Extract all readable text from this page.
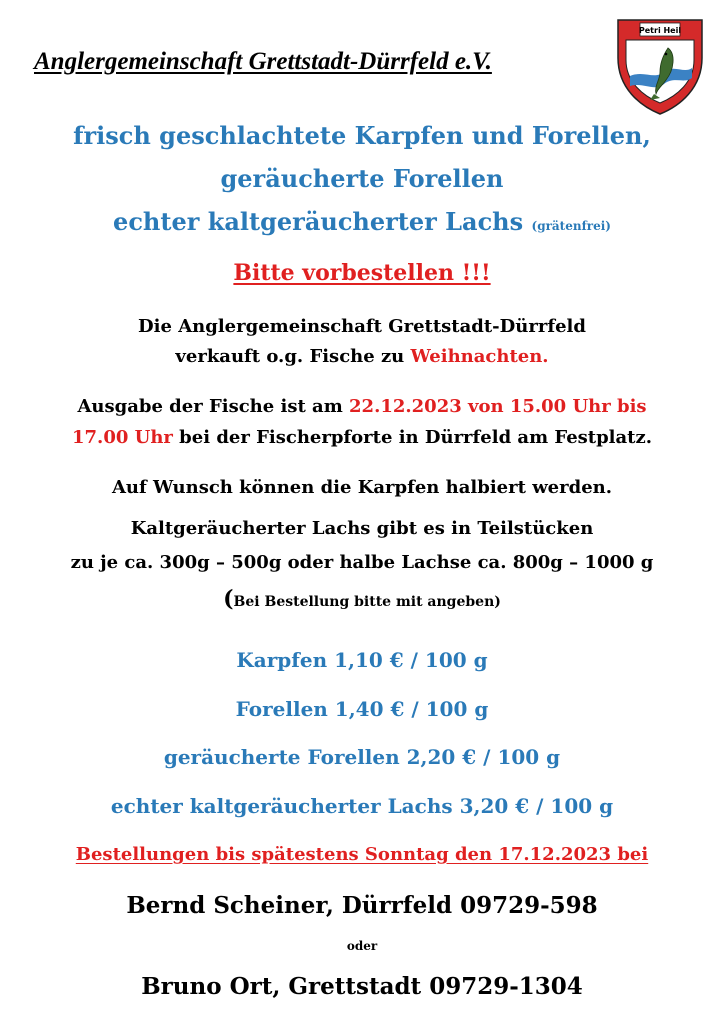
Anglergemeinschaft Grettstadt-Dürrfeld e.V.
Petri Heil
frisch geschlachtete Karpfen und Forellen,
geräucherte Forellen
echter kaltgeräucherter Lachs (grätenfrei)
Bitte vorbestellen !!!
Die Anglergemeinschaft Grettstadt-Dürrfeld
verkauft o.g. Fische zu Weihnachten.
Ausgabe der Fische ist am 22.12.2023 von 15.00 Uhr bis
17.00 Uhr bei der Fischerpforte in Dürrfeld am Festplatz.
Auf Wunsch können die Karpfen halbiert werden.
Kaltgeräucherter Lachs gibt es in Teilstücken
zu je ca. 300g – 500g oder halbe Lachse ca. 800g – 1000 g
(Bei Bestellung bitte mit angeben)
Karpfen 1,10 € / 100 g
Forellen 1,40 € / 100 g
geräucherte Forellen 2,20 € / 100 g
echter kaltgeräucherter Lachs 3,20 € / 100 g
Bestellungen bis spätestens Sonntag den 17.12.2023 bei
Bernd Scheiner, Dürrfeld 09729-598
oder
Bruno Ort, Grettstadt 09729-1304
